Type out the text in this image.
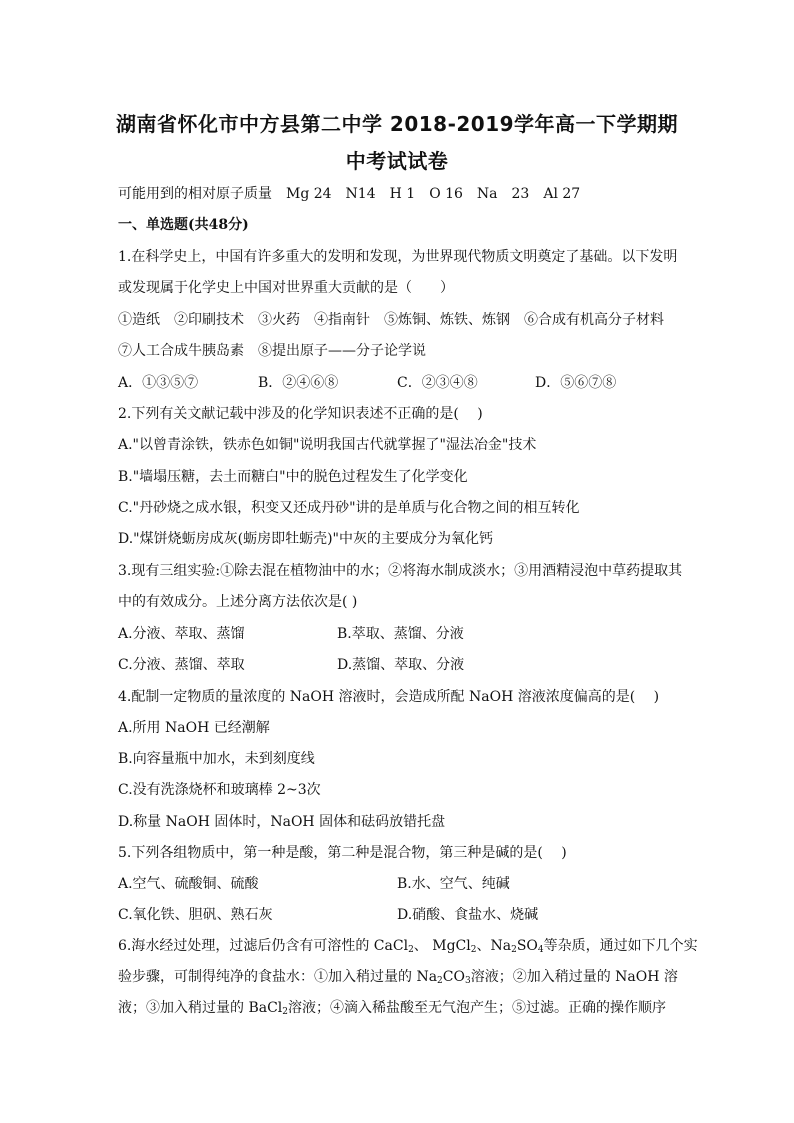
湖南省怀化市中方县第二中学 2018-2019学年高一下学期期
中考试试卷
可能用到的相对原子质量　Mg 24　N14　H 1　O 16　Na　23　Al 27
一、单选题(共48分)
1.在科学史上，中国有许多重大的发明和发现，为世界现代物质文明奠定了基础。以下发明
或发现属于化学史上中国对世界重大贡献的是（　　）
①造纸　②印刷技术　③火药　④指南针　⑤炼铜、炼铁、炼钢　⑥合成有机高分子材料
⑦人工合成牛胰岛素　⑧提出原子——分子论学说
A．①③⑤⑦	B．②④⑥⑧	C．②③④⑧	D．⑤⑥⑦⑧
2.下列有关文献记载中涉及的化学知识表述不正确的是(　 )
A."以曾青涂铁，铁赤色如铜"说明我国古代就掌握了"湿法冶金"技术
B."墙塌压糖，去土而糖白"中的脱色过程发生了化学变化
C."丹砂烧之成水银，积变又还成丹砂"讲的是单质与化合物之间的相互转化
D."煤饼烧蛎房成灰(蛎房即牡蛎壳)"中灰的主要成分为氧化钙
3.现有三组实验:①除去混在植物油中的水；②将海水制成淡水；③用酒精浸泡中草药提取其
中的有效成分。上述分离方法依次是( )
A.分液、萃取、蒸馏	B.萃取、蒸馏、分液
C.分液、蒸馏、萃取	D.蒸馏、萃取、分液
4.配制一定物质的量浓度的 NaOH 溶液时，会造成所配 NaOH 溶液浓度偏高的是(　 )
A.所用 NaOH 已经潮解
B.向容量瓶中加水，未到刻度线
C.没有洗涤烧杯和玻璃棒 2~3次
D.称量 NaOH 固体时，NaOH 固体和砝码放错托盘
5.下列各组物质中，第一种是酸，第二种是混合物，第三种是碱的是(　 )
A.空气、硫酸铜、硫酸	B.水、空气、纯碱
C.氧化铁、胆矾、熟石灰	D.硝酸、食盐水、烧碱
6.海水经过处理，过滤后仍含有可溶性的 CaCl$_2$、 MgCl$_2$、$Na_2SO_4$等杂质，通过如下几个实
验步骤，可制得纯净的食盐水：①加入稍过量的 $Na_2CO_3$溶液；②加入稍过量的 NaOH 溶
液；③加入稍过量的 BaCl$_2$溶液；④滴入稀盐酸至无气泡产生；⑤过滤。正确的操作顺序
